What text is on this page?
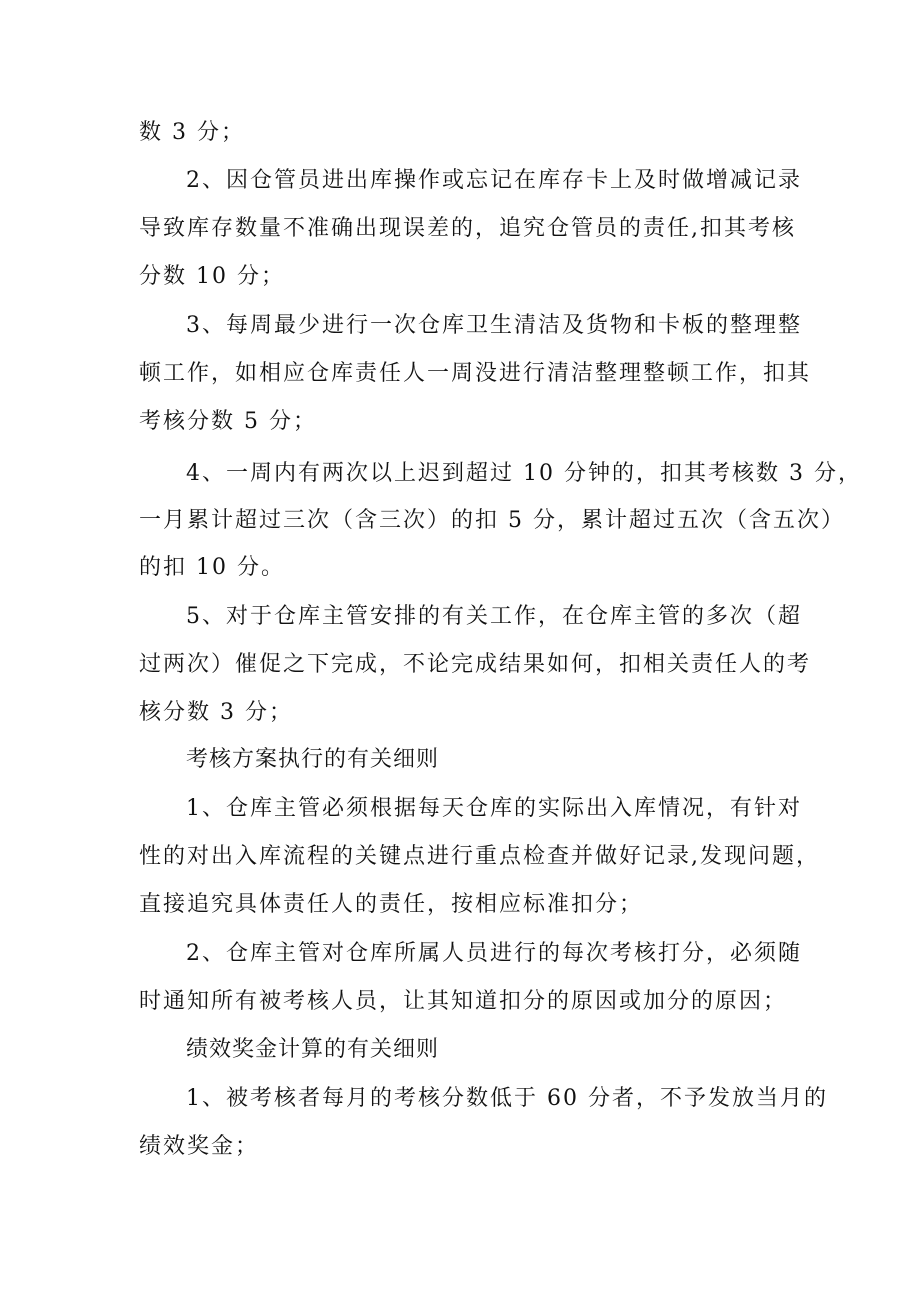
数 3 分；
2、因仓管员进出库操作或忘记在库存卡上及时做增减记录
导致库存数量不准确出现误差的，追究仓管员的责任,扣其考核
分数 10 分；
3、每周最少进行一次仓库卫生清洁及货物和卡板的整理整
顿工作，如相应仓库责任人一周没进行清洁整理整顿工作，扣其
考核分数 5 分；
4、一周内有两次以上迟到超过 10 分钟的，扣其考核数 3 分，
一月累计超过三次（含三次）的扣 5 分，累计超过五次（含五次）
的扣 10 分。
5、对于仓库主管安排的有关工作，在仓库主管的多次（超
过两次）催促之下完成，不论完成结果如何，扣相关责任人的考
核分数 3 分；
考核方案执行的有关细则
1、仓库主管必须根据每天仓库的实际出入库情况，有针对
性的对出入库流程的关键点进行重点检查并做好记录,发现问题，
直接追究具体责任人的责任，按相应标准扣分；
2、仓库主管对仓库所属人员进行的每次考核打分，必须随
时通知所有被考核人员，让其知道扣分的原因或加分的原因；
绩效奖金计算的有关细则
1、被考核者每月的考核分数低于 60 分者，不予发放当月的
绩效奖金；
